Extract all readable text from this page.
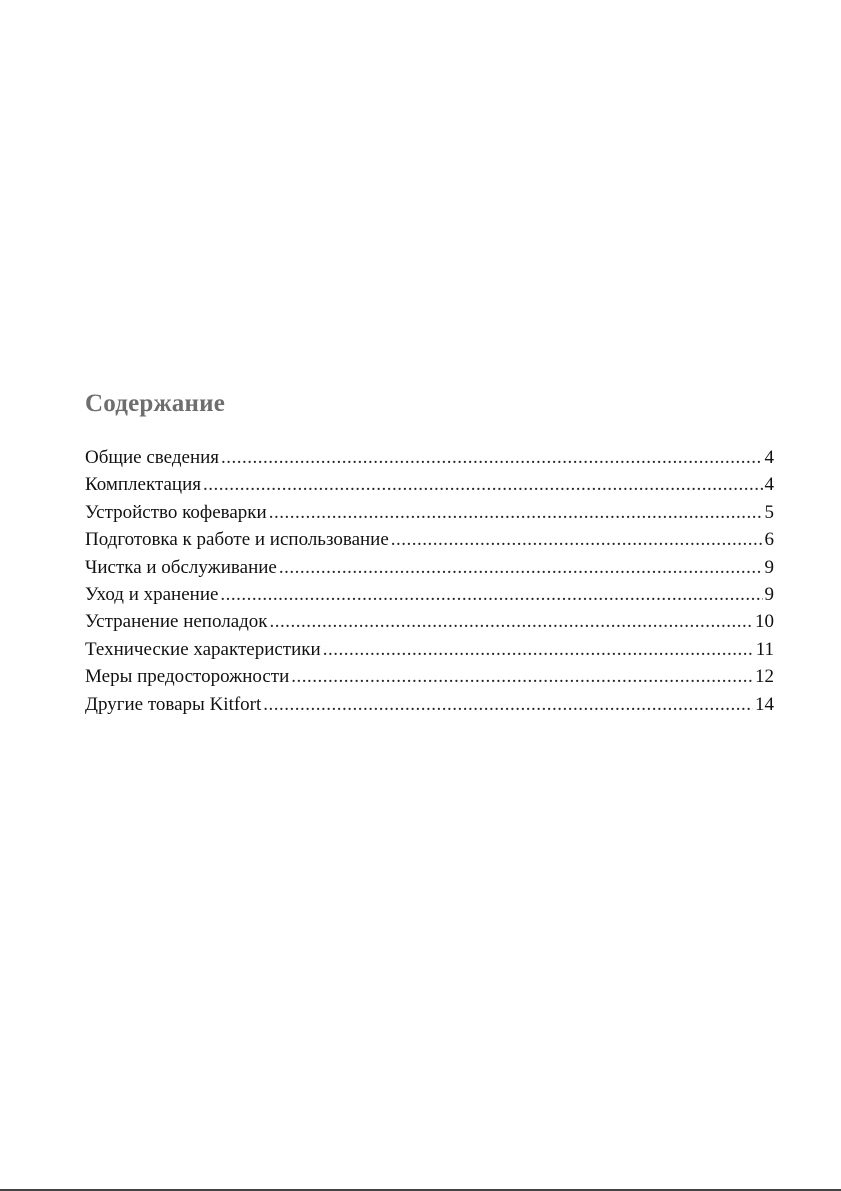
Содержание
Общие сведения .....	4
Комплектация .....	4
Устройство кофеварки .....	5
Подготовка к работе и использование .....	6
Чистка и обслуживание .....	9
Уход и хранение .....	9
Устранение неполадок .....	10
Технические характеристики .....	11
Меры предосторожности .....	12
Другие товары Kitfort .....	14
